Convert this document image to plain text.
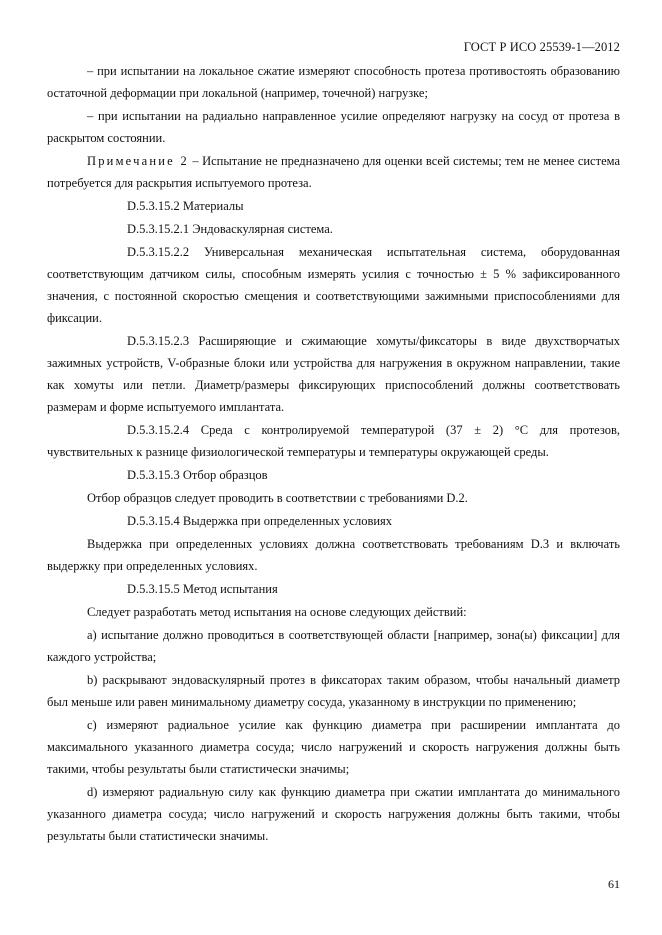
ГОСТ Р ИСО 25539-1—2012

– при испытании на локальное сжатие измеряют способность протеза противостоять образованию остаточной деформации при локальной (например, точечной) нагрузке;

– при испытании на радиально направленное усилие определяют нагрузку на сосуд от протеза в раскрытом состоянии.

Примечание 2 – Испытание не предназначено для оценки всей системы; тем не менее система потребуется для раскрытия испытуемого протеза.

D.5.3.15.2 Материалы

D.5.3.15.2.1 Эндоваскулярная система.

D.5.3.15.2.2 Универсальная механическая испытательная система, оборудованная соответствующим датчиком силы, способным измерять усилия с точностью ± 5 % зафиксированного значения, с постоянной скоростью смещения и соответствующими зажимными приспособлениями для фиксации.

D.5.3.15.2.3 Расширяющие и сжимающие хомуты/фиксаторы в виде двухстворчатых зажимных устройств, V-образные блоки или устройства для нагружения в окружном направлении, такие как хомуты или петли. Диаметр/размеры фиксирующих приспособлений должны соответствовать размерам и форме испытуемого имплантата.

D.5.3.15.2.4 Среда с контролируемой температурой (37 ± 2) °С для протезов, чувствительных к разнице физиологической температуры и температуры окружающей среды.

D.5.3.15.3 Отбор образцов

Отбор образцов следует проводить в соответствии с требованиями D.2.

D.5.3.15.4 Выдержка при определенных условиях

Выдержка при определенных условиях должна соответствовать требованиям D.3 и включать выдержку при определенных условиях.

D.5.3.15.5 Метод испытания

Следует разработать метод испытания на основе следующих действий:

a) испытание должно проводиться в соответствующей области [например, зона(ы) фиксации] для каждого устройства;

b) раскрывают эндоваскулярный протез в фиксаторах таким образом, чтобы начальный диаметр был меньше или равен минимальному диаметру сосуда, указанному в инструкции по применению;

c) измеряют радиальное усилие как функцию диаметра при расширении имплантата до максимального указанного диаметра сосуда; число нагружений и скорость нагружения должны быть такими, чтобы результаты были статистически значимы;

d) измеряют радиальную силу как функцию диаметра при сжатии имплантата до минимального указанного диаметра сосуда; число нагружений и скорость нагружения должны быть такими, чтобы результаты были статистически значимы.

61
